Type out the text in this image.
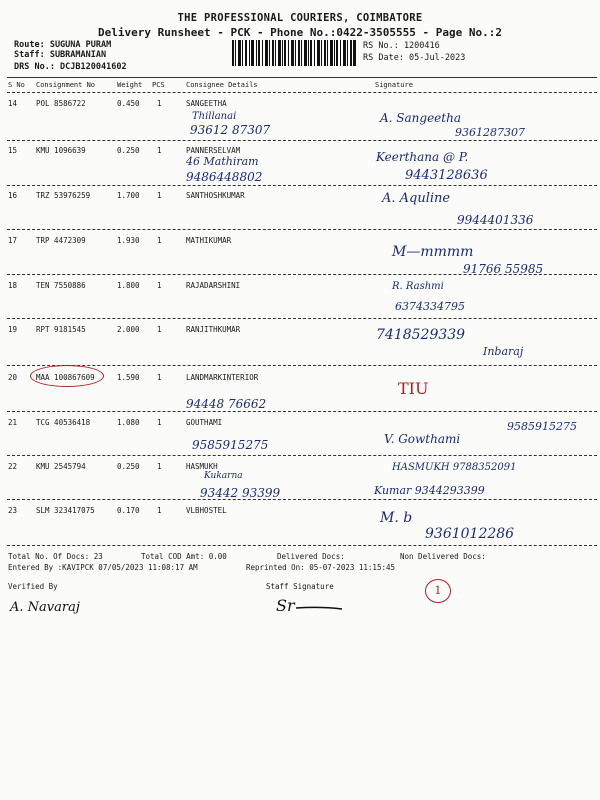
THE PROFESSIONAL COURIERS, COIMBATORE
Delivery Runsheet - PCK - Phone No.:0422-3505555 - Page No.:2
Route: SUGUNA PURAM
Staff: SUBRAMANIAN
DRS No.: DCJB120041602
RS No.: 1200416
RS Date: 05-Jul-2023
S No Consignment No	Weight PCS	Consignee Details	Signature
14	POL 8586722	0.450 1	SANGEETHA
Thillanai
93612 87307
A. Sangeetha
9361287307
15	KMU 1096639	0.250 1	PANNERSELVAM
46 Mathiram
9486448802
Keerthana @ P.
9443128636
16	TRZ 53976259	1.700 1	SANTHOSHKUMAR	A. Aquline
9944401336
17	TRP 4472309	1.930 1	MATHIKUMAR
M—mmmm
91766 55985
18	TEN 7550886	1.800 1	RAJADARSHINI	R. Rashmi
6374334795
19	RPT 9181545	2.000 1	RANJITHKUMAR	7418529339
Inbaraj
20	MAA 100867609	1.590 1	LANDMARKINTERIOR
94448 76662
TIU
21	TCG 40536418	1.080 1	GOUTHAMI
9585915275	V. Gowthami
9585915275
22	KMU 2545794	0.250 1	HASMUKH
Kukarna
93442 93399
HASMUKH 9788352091
Kumar 9344293399
23	SLM 323417075	0.170 1	VLBHOSTEL	M. b
9361012286
Total No. Of Docs: 23	Total COD Amt: 0.00	Delivered Docs:	Non Delivered Docs:
Entered By :KAVIPCK 07/05/2023 11:08:17 AM	Reprinted On: 05-07-2023 11:15:45
Verified By	Staff Signature	1
A. Navaraj	Sr
